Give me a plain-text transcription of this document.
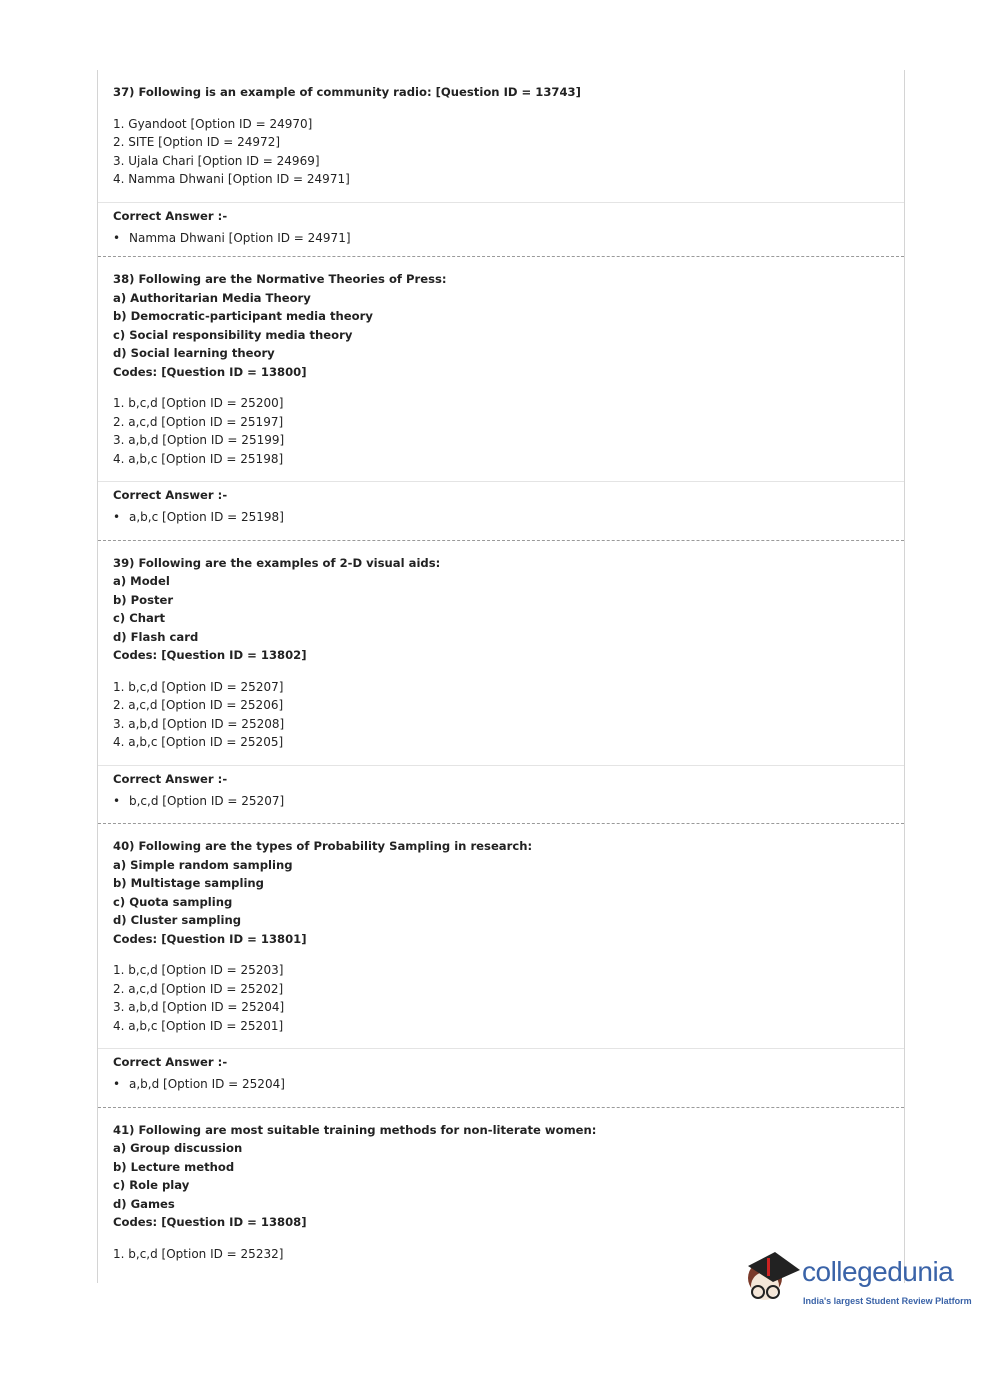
37) Following is an example of community radio: [Question ID = 13743]
1. Gyandoot [Option ID = 24970]
2. SITE [Option ID = 24972]
3. Ujala Chari [Option ID = 24969]
4. Namma Dhwani [Option ID = 24971]
Correct Answer :-
• Namma Dhwani [Option ID = 24971]
38) Following are the Normative Theories of Press:
a) Authoritarian Media Theory
b) Democratic-participant media theory
c) Social responsibility media theory
d) Social learning theory
Codes: [Question ID = 13800]
1. b,c,d [Option ID = 25200]
2. a,c,d [Option ID = 25197]
3. a,b,d [Option ID = 25199]
4. a,b,c [Option ID = 25198]
Correct Answer :-
• a,b,c [Option ID = 25198]
39) Following are the examples of 2-D visual aids:
a) Model
b) Poster
c) Chart
d) Flash card
Codes: [Question ID = 13802]
1. b,c,d [Option ID = 25207]
2. a,c,d [Option ID = 25206]
3. a,b,d [Option ID = 25208]
4. a,b,c [Option ID = 25205]
Correct Answer :-
• b,c,d [Option ID = 25207]
40) Following are the types of Probability Sampling in research:
a) Simple random sampling
b) Multistage sampling
c) Quota sampling
d) Cluster sampling
Codes: [Question ID = 13801]
1. b,c,d [Option ID = 25203]
2. a,c,d [Option ID = 25202]
3. a,b,d [Option ID = 25204]
4. a,b,c [Option ID = 25201]
Correct Answer :-
• a,b,d [Option ID = 25204]
41) Following are most suitable training methods for non-literate women:
a) Group discussion
b) Lecture method
c) Role play
d) Games
Codes: [Question ID = 13808]
1. b,c,d [Option ID = 25232]
collegedunia
India's largest Student Review Platform
